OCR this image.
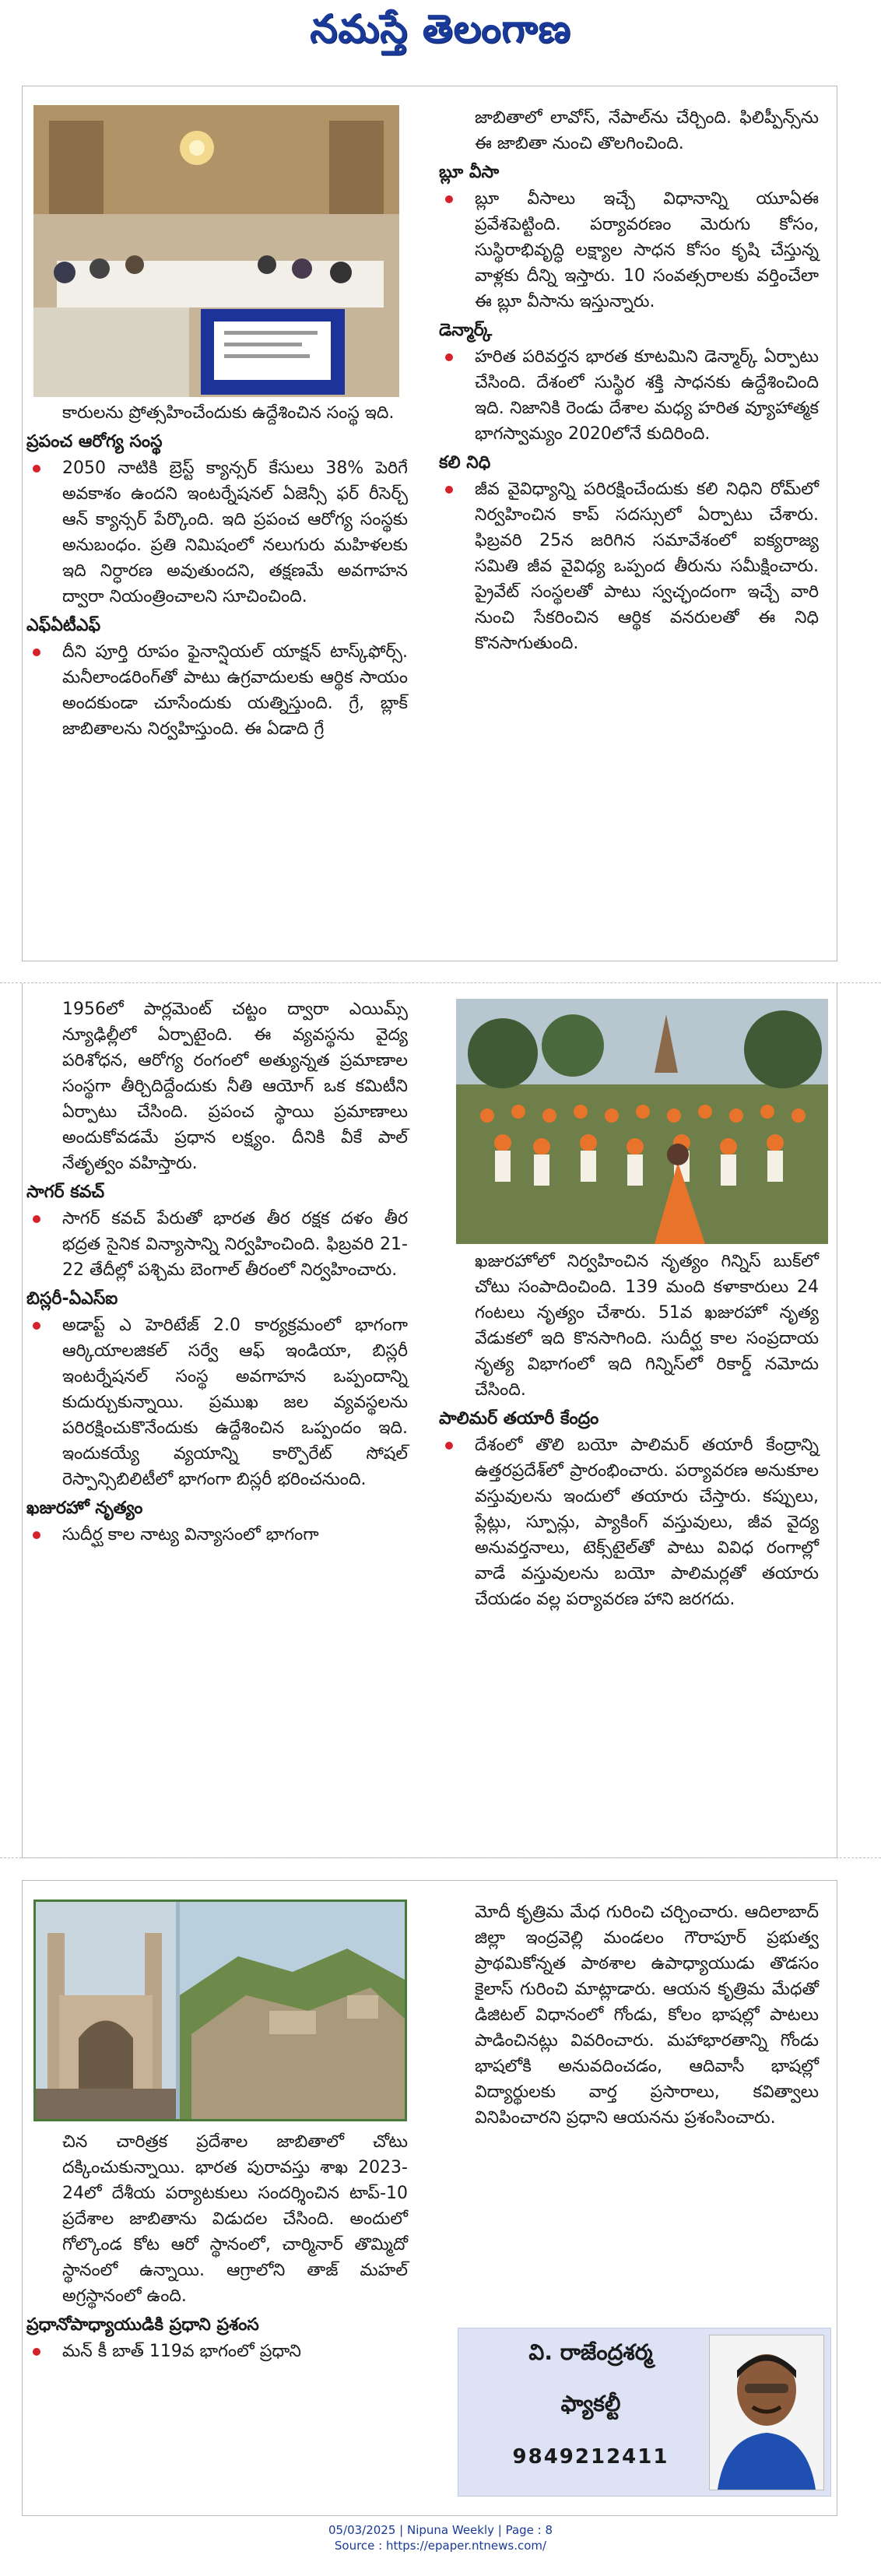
నమస్తే తెలంగాణ

కారులను ప్రోత్సహించేందుకు ఉద్దేశించిన సంస్థ ఇది.

ప్రపంచ ఆరోగ్య సంస్థ

2050 నాటికి బ్రెస్ట్ క్యాన్సర్ కేసులు 38% పెరిగే అవకాశం ఉందని ఇంటర్నేషనల్ ఏజెన్సీ ఫర్ రీసెర్చ్ ఆన్ క్యాన్సర్ పేర్కొంది. ఇది ప్రపంచ ఆరోగ్య సంస్థకు అనుబంధం. ప్రతి నిమిషంలో నలుగురు మహిళలకు ఇది నిర్ధారణ అవుతుందని, తక్షణమే అవగాహన ద్వారా నియంత్రించాలని సూచించింది.

ఎఫ్ఏటీఎఫ్

దీని పూర్తి రూపం ఫైనాన్షియల్ యాక్షన్ టాస్క్‌ఫోర్స్. మనీలాండరింగ్‌తో పాటు ఉగ్రవాదులకు ఆర్థిక సాయం అందకుండా చూసేందుకు యత్నిస్తుంది. గ్రే, బ్లాక్ జాబితాలను నిర్వహిస్తుంది. ఈ ఏడాది గ్రే

జాబితాలో లావోస్, నేపాల్‌ను చేర్చింది. ఫిలిప్పీన్స్‌ను ఈ జాబితా నుంచి తొలగించింది.

బ్లూ వీసా

బ్లూ వీసాలు ఇచ్చే విధానాన్ని యూఏఈ ప్రవేశపెట్టింది. పర్యావరణం మెరుగు కోసం, సుస్థిరాభివృద్ధి లక్ష్యాల సాధన కోసం కృషి చేస్తున్న వాళ్లకు దీన్ని ఇస్తారు. 10 సంవత్సరాలకు వర్తించేలా ఈ బ్లూ వీసాను ఇస్తున్నారు.

డెన్మార్క్

హరిత పరివర్తన భారత కూటమిని డెన్మార్క్ ఏర్పాటు చేసింది. దేశంలో సుస్థిర శక్తి సాధనకు ఉద్దేశించింది ఇది. నిజానికి రెండు దేశాల మధ్య హరిత వ్యూహాత్మక భాగస్వామ్యం 2020లోనే కుదిరింది.

కలి నిధి

జీవ వైవిధ్యాన్ని పరిరక్షించేందుకు కలి నిధిని రోమ్‌లో నిర్వహించిన కాప్ సదస్సులో ఏర్పాటు చేశారు. ఫిబ్రవరి 25న జరిగిన సమావేశంలో ఐక్యరాజ్య సమితి జీవ వైవిధ్య ఒప్పంద తీరును సమీక్షించారు. ప్రైవేట్ సంస్థలతో పాటు స్వచ్ఛందంగా ఇచ్చే వారి నుంచి సేకరించిన ఆర్థిక వనరులతో ఈ నిధి కొనసాగుతుంది.

1956లో పార్లమెంట్ చట్టం ద్వారా ఎయిమ్స్ న్యూఢిల్లీలో ఏర్పాటైంది. ఈ వ్యవస్థను వైద్య పరిశోధన, ఆరోగ్య రంగంలో అత్యున్నత ప్రమాణాల సంస్థగా తీర్చిదిద్దేందుకు నీతి ఆయోగ్ ఒక కమిటీని ఏర్పాటు చేసింది. ప్రపంచ స్థాయి ప్రమాణాలు అందుకోవడమే ప్రధాన లక్ష్యం. దీనికి వీకే పాల్ నేతృత్వం వహిస్తారు.

సాగర్ కవచ్

సాగర్ కవచ్ పేరుతో భారత తీర రక్షక దళం తీర భద్రత సైనిక విన్యాసాన్ని నిర్వహించింది. ఫిబ్రవరి 21-22 తేదీల్లో పశ్చిమ బెంగాల్ తీరంలో నిర్వహించారు.

బిస్లరీ-ఏఎస్ఐ

అడాప్ట్ ఎ హెరిటేజ్ 2.0 కార్యక్రమంలో భాగంగా ఆర్కియాలజికల్ సర్వే ఆఫ్ ఇండియా, బిస్లరీ ఇంటర్నేషనల్ సంస్థ అవగాహన ఒప్పందాన్ని కుదుర్చుకున్నాయి. ప్రముఖ జల వ్యవస్థలను పరిరక్షించుకొనేందుకు ఉద్దేశించిన ఒప్పందం ఇది. ఇందుకయ్యే వ్యయాన్ని కార్పొరేట్ సోషల్ రెస్పాన్సిబిలిటీలో భాగంగా బిస్లరీ భరించనుంది.

ఖజురహో నృత్యం

సుదీర్ఘ కాల నాట్య విన్యాసంలో భాగంగా

ఖజురహోలో నిర్వహించిన నృత్యం గిన్నిస్ బుక్‌లో చోటు సంపాదించింది. 139 మంది కళాకారులు 24 గంటలు నృత్యం చేశారు. 51వ ఖజురహో నృత్య వేడుకలో ఇది కొనసాగింది. సుదీర్ఘ కాల సంప్రదాయ నృత్య విభాగంలో ఇది గిన్నిస్‌లో రికార్డ్ నమోదు చేసింది.

పాలిమర్ తయారీ కేంద్రం

దేశంలో తొలి బయో పాలిమర్ తయారీ కేంద్రాన్ని ఉత్తరప్రదేశ్‌లో ప్రారంభించారు. పర్యావరణ అనుకూల వస్తువులను ఇందులో తయారు చేస్తారు. కప్పులు, ప్లేట్లు, స్పూన్లు, ప్యాకింగ్ వస్తువులు, జీవ వైద్య అనువర్తనాలు, టెక్స్‌టైల్‌తో పాటు వివిధ రంగాల్లో వాడే వస్తువులను బయో పాలిమర్లతో తయారు చేయడం వల్ల పర్యావరణ హాని జరగదు.

చిన చారిత్రక ప్రదేశాల జాబితాలో చోటు దక్కించుకున్నాయి. భారత పురావస్తు శాఖ 2023-24లో దేశీయ పర్యాటకులు సందర్శించిన టాప్-10 ప్రదేశాల జాబితాను విడుదల చేసింది. అందులో గోల్కొండ కోట ఆరో స్థానంలో, చార్మినార్ తొమ్మిదో స్థానంలో ఉన్నాయి. ఆగ్రాలోని తాజ్ మహల్ అగ్రస్థానంలో ఉంది.

ప్రధానోపాధ్యాయుడికి ప్రధాని ప్రశంస

మన్ కీ బాత్ 119వ భాగంలో ప్రధాని

మోదీ కృత్రిమ మేధ గురించి చర్చించారు. ఆదిలాబాద్ జిల్లా ఇంద్రవెల్లి మండలం గౌరాపూర్ ప్రభుత్వ ప్రాథమికోన్నత పాఠశాల ఉపాధ్యాయుడు తొడసం కైలాస్ గురించి మాట్లాడారు. ఆయన కృత్రిమ మేధతో డిజిటల్ విధానంలో గోండు, కోలం భాషల్లో పాటలు పాడించినట్లు వివరించారు. మహాభారతాన్ని గోండు భాషలోకి అనువదించడం, ఆదివాసీ భాషల్లో విద్యార్థులకు వార్త ప్రసారాలు, కవిత్వాలు వినిపించారని ప్రధాని ఆయనను ప్రశంసించారు.

వి. రాజేంద్రశర్మ
ఫ్యాకల్టీ
9849212411
05/03/2025 | Nipuna Weekly | Page : 8
Source : https://epaper.ntnews.com/
